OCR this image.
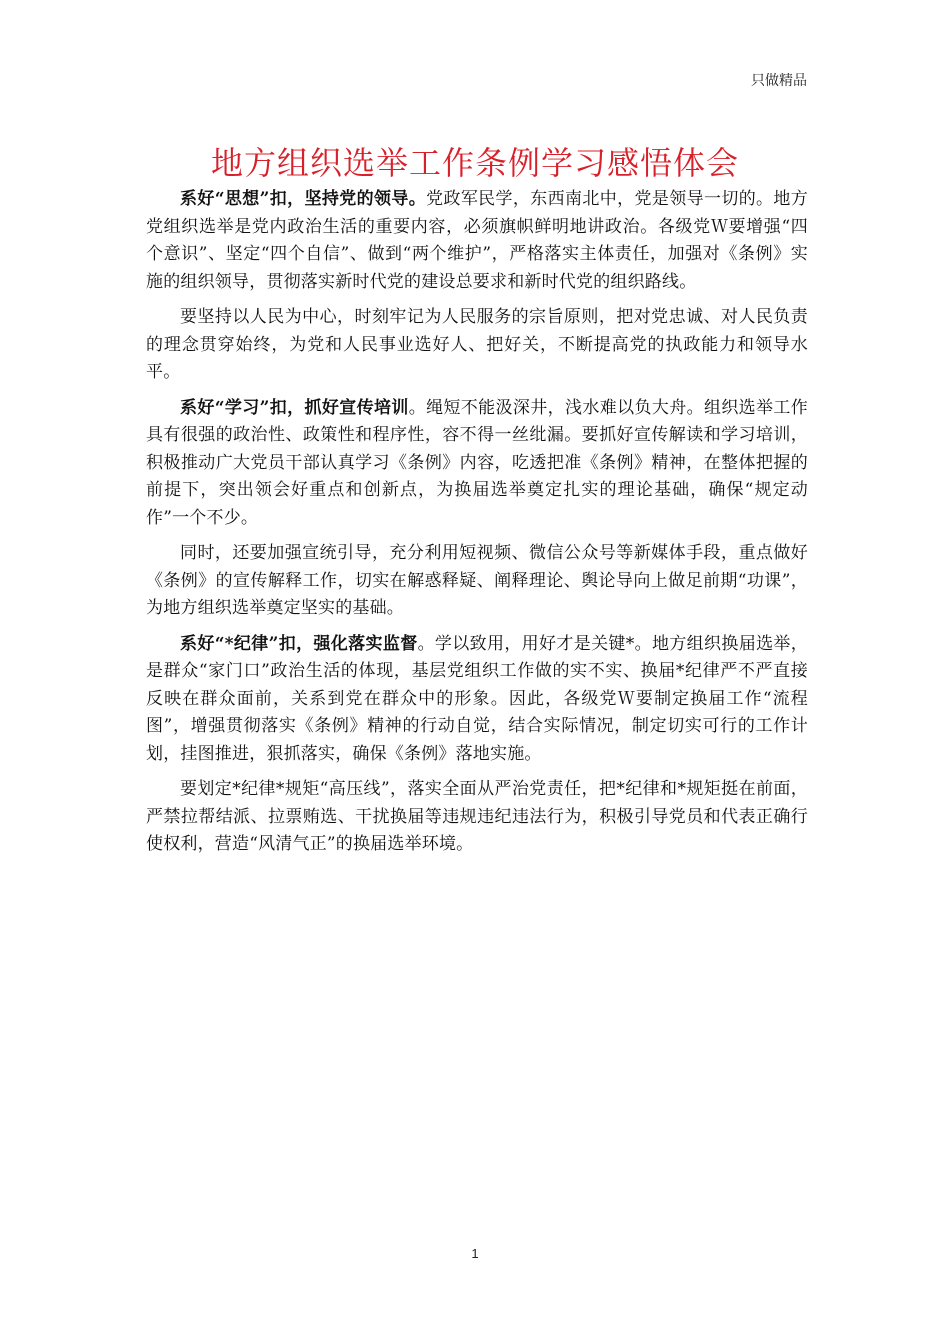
只做精品
地方组织选举工作条例学习感悟体会

系好“思想”扣，坚持党的领导。党政军民学，东西南北中，党是领导一切的。地方党组织选举是党内政治生活的重要内容，必须旗帜鲜明地讲政治。各级党Ｗ要增强“四个意识”、坚定“四个自信”、做到“两个维护”，严格落实主体责任，加强对《条例》实施的组织领导，贯彻落实新时代党的建设总要求和新时代党的组织路线。

要坚持以人民为中心，时刻牢记为人民服务的宗旨原则，把对党忠诚、对人民负责的理念贯穿始终，为党和人民事业选好人、把好关，不断提高党的执政能力和领导水平。

系好“学习”扣，抓好宣传培训。绳短不能汲深井，浅水难以负大舟。组织选举工作具有很强的政治性、政策性和程序性，容不得一丝纰漏。要抓好宣传解读和学习培训，积极推动广大党员干部认真学习《条例》内容，吃透把准《条例》精神，在整体把握的前提下，突出领会好重点和创新点，为换届选举奠定扎实的理论基础，确保“规定动作”一个不少。

同时，还要加强宣统引导，充分利用短视频、微信公众号等新媒体手段，重点做好《条例》的宣传解释工作，切实在解惑释疑、阐释理论、舆论导向上做足前期“功课”，为地方组织选举奠定坚实的基础。

系好“*纪律”扣，强化落实监督。学以致用，用好才是关键*。地方组织换届选举，是群众“家门口”政治生活的体现，基层党组织工作做的实不实、换届*纪律严不严直接反映在群众面前，关系到党在群众中的形象。因此，各级党Ｗ要制定换届工作“流程图”，增强贯彻落实《条例》精神的行动自觉，结合实际情况，制定切实可行的工作计划，挂图推进，狠抓落实，确保《条例》落地实施。

要划定*纪律*规矩“高压线”，落实全面从严治党责任，把*纪律和*规矩挺在前面，严禁拉帮结派、拉票贿选、干扰换届等违规违纪违法行为，积极引导党员和代表正确行使权利，营造“风清气正”的换届选举环境。

1
